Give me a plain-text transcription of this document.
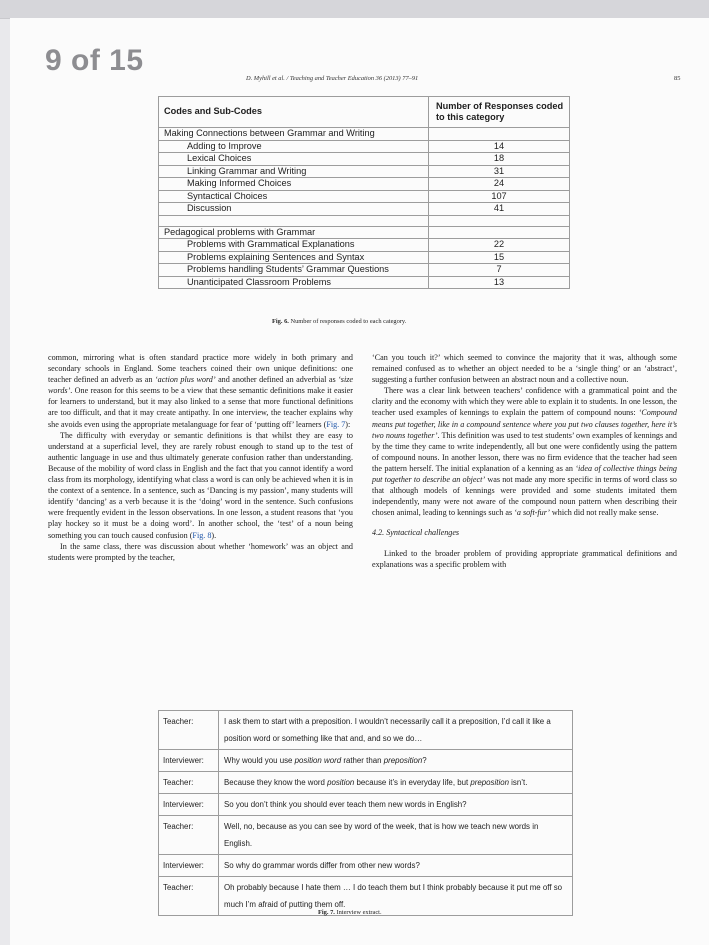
9 of 15
D. Myhill et al. / Teaching and Teacher Education 36 (2013) 77–91	85
Codes and Sub-Codes	Number of Responses coded to this category
Making Connections between Grammar and Writing	
Adding to Improve	14
Lexical Choices	18
Linking Grammar and Writing	31
Making Informed Choices	24
Syntactical Choices	107
Discussion	41

Pedagogical problems with Grammar	
Problems with Grammatical Explanations	22
Problems explaining Sentences and Syntax	15
Problems handling Students’ Grammar Questions	7
Unanticipated Classroom Problems	13
Fig. 6. Number of responses coded to each category.

common, mirroring what is often standard practice more widely in both primary and secondary schools in England. Some teachers coined their own unique definitions: one teacher defined an adverb as an ‘action plus word’ and another defined an adverbial as ‘size words’. One reason for this seems to be a view that these semantic definitions make it easier for learners to understand, but it may also linked to a sense that more functional definitions are too difficult, and that it may create antipathy. In one interview, the teacher explains why she avoids even using the appropriate metalanguage for fear of ‘putting off’ learners (Fig. 7):

The difficulty with everyday or semantic definitions is that whilst they are easy to understand at a superficial level, they are rarely robust enough to stand up to the test of authentic language in use and thus ultimately generate confusion rather than understanding. Because of the mobility of word class in English and the fact that you cannot identify a word class from its morphology, identifying what class a word is can only be achieved when it is in the context of a sentence. In a sentence, such as ‘Dancing is my passion’, many students will identify ‘dancing’ as a verb because it is the ‘doing’ word in the sentence. Such confusions were frequently evident in the lesson observations. In one lesson, a student reasons that ‘you play hockey so it must be a doing word’. In another school, the ‘test’ of a noun being something you can touch caused confusion (Fig. 8).

In the same class, there was discussion about whether ‘homework’ was an object and students were prompted by the teacher,

‘Can you touch it?’ which seemed to convince the majority that it was, although some remained confused as to whether an object needed to be a ‘single thing’ or an ‘abstract’, suggesting a further confusion between an abstract noun and a collective noun.

There was a clear link between teachers’ confidence with a grammatical point and the clarity and the economy with which they were able to explain it to students. In one lesson, the teacher used examples of kennings to explain the pattern of compound nouns: ‘Compound means put together, like in a compound sentence where you put two clauses together, here it’s two nouns together’. This definition was used to test students’ own examples of kennings and by the time they came to write independently, all but one were confidently using the pattern of compound nouns. In another lesson, there was no firm evidence that the teacher had seen the pattern herself. The initial explanation of a kenning as an ‘idea of collective things being put together to describe an object’ was not made any more specific in terms of word class so that although models of kennings were provided and some students imitated them independently, many were not aware of the compound noun pattern when describing their chosen animal, leading to kennings such as ‘a soft-fur’ which did not really make sense.

4.2. Syntactical challenges

Linked to the broader problem of providing appropriate grammatical definitions and explanations was a specific problem with

Teacher:	I ask them to start with a preposition. I wouldn’t necessarily call it a preposition, I’d call it like a position word or something like that and, and so we do…
Interviewer:	Why would you use position word rather than preposition?
Teacher:	Because they know the word position because it’s in everyday life, but preposition isn’t.
Interviewer:	So you don’t think you should ever teach them new words in English?
Teacher:	Well, no, because as you can see by word of the week, that is how we teach new words in English.
Interviewer:	So why do grammar words differ from other new words?
Teacher:	Oh probably because I hate them … I do teach them but I think probably because it put me off so much I’m afraid of putting them off.
Fig. 7. Interview extract.
